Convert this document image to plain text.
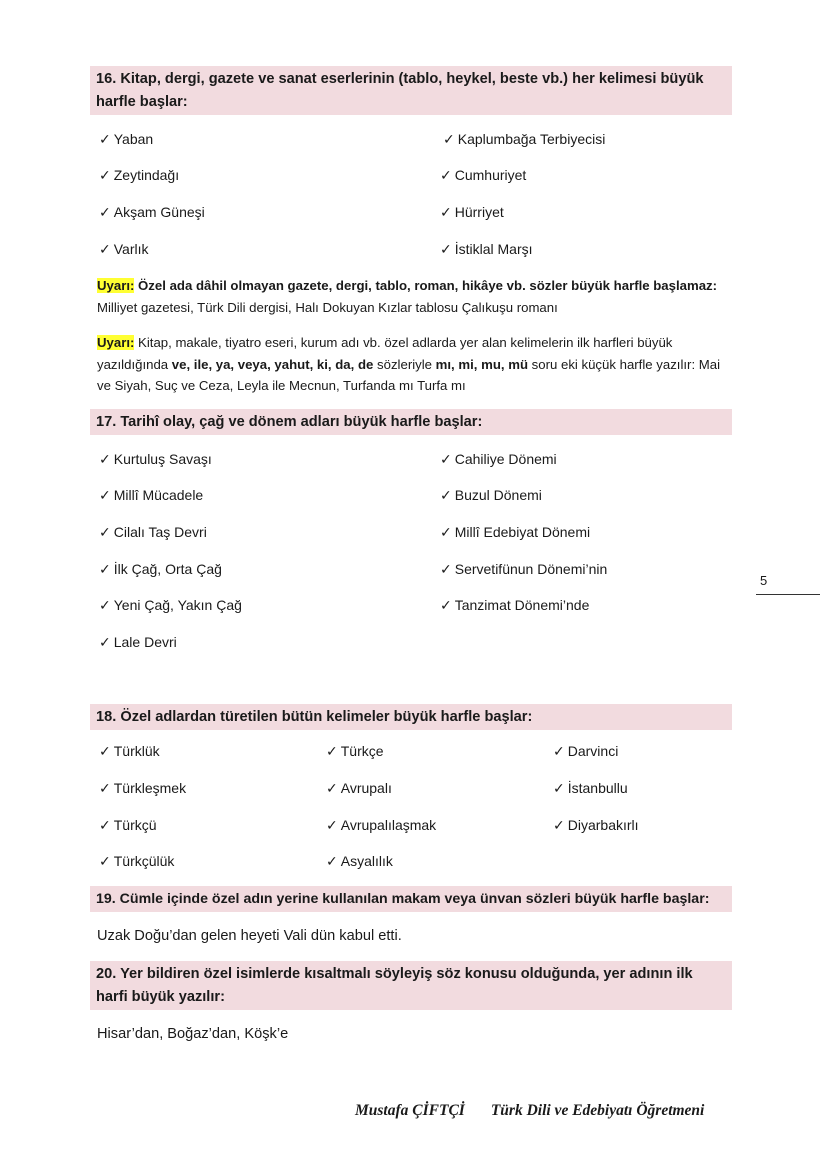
16. Kitap, dergi, gazete ve sanat eserlerinin (tablo, heykel, beste vb.) her kelimesi büyük harfle başlar:
✓ Yaban	✓ Kaplumbağa Terbiyecisi
✓ Zeytindağı	✓ Cumhuriyet
✓ Akşam Güneşi	✓ Hürriyet
✓ Varlık	✓ İstiklal Marşı
Uyarı: Özel ada dâhil olmayan gazete, dergi, tablo, roman, hikâye vb. sözler büyük harfle başlamaz: Milliyet gazetesi, Türk Dili dergisi, Halı Dokuyan Kızlar tablosu Çalıkuşu romanı
Uyarı: Kitap, makale, tiyatro eseri, kurum adı vb. özel adlarda yer alan kelimelerin ilk harfleri büyük yazıldığında ve, ile, ya, veya, yahut, ki, da, de sözleriyle mı, mi, mu, mü soru eki küçük harfle yazılır: Mai ve Siyah, Suç ve Ceza, Leyla ile Mecnun, Turfanda mı Turfa mı
17. Tarihî olay, çağ ve dönem adları büyük harfle başlar:
✓ Kurtuluş Savaşı	✓ Cahiliye Dönemi
✓ Millî Mücadele	✓ Buzul Dönemi
✓ Cilalı Taş Devri	✓ Millî Edebiyat Dönemi
✓ İlk Çağ, Orta Çağ	✓ Servetifünun Dönemi’nin
✓ Yeni Çağ, Yakın Çağ	✓ Tanzimat Dönemi’nde
✓ Lale Devri
5
18. Özel adlardan türetilen bütün kelimeler büyük harfle başlar:
✓ Türklük	✓ Türkçe	✓ Darvinci
✓ Türkleşmek	✓ Avrupalı	✓ İstanbullu
✓ Türkçü	✓ Avrupalılaşmak	✓ Diyarbakırlı
✓ Türkçülük	✓ Asyalılık
19. Cümle içinde özel adın yerine kullanılan makam veya ünvan sözleri büyük harfle başlar:
Uzak Doğu’dan gelen heyeti Vali dün kabul etti.
20. Yer bildiren özel isimlerde kısaltmalı söyleyiş söz konusu olduğunda, yer adının ilk harfi büyük yazılır:
Hisar’dan, Boğaz’dan, Köşk’e
Mustafa ÇİFTÇİ Türk Dili ve Edebiyatı Öğretmeni
